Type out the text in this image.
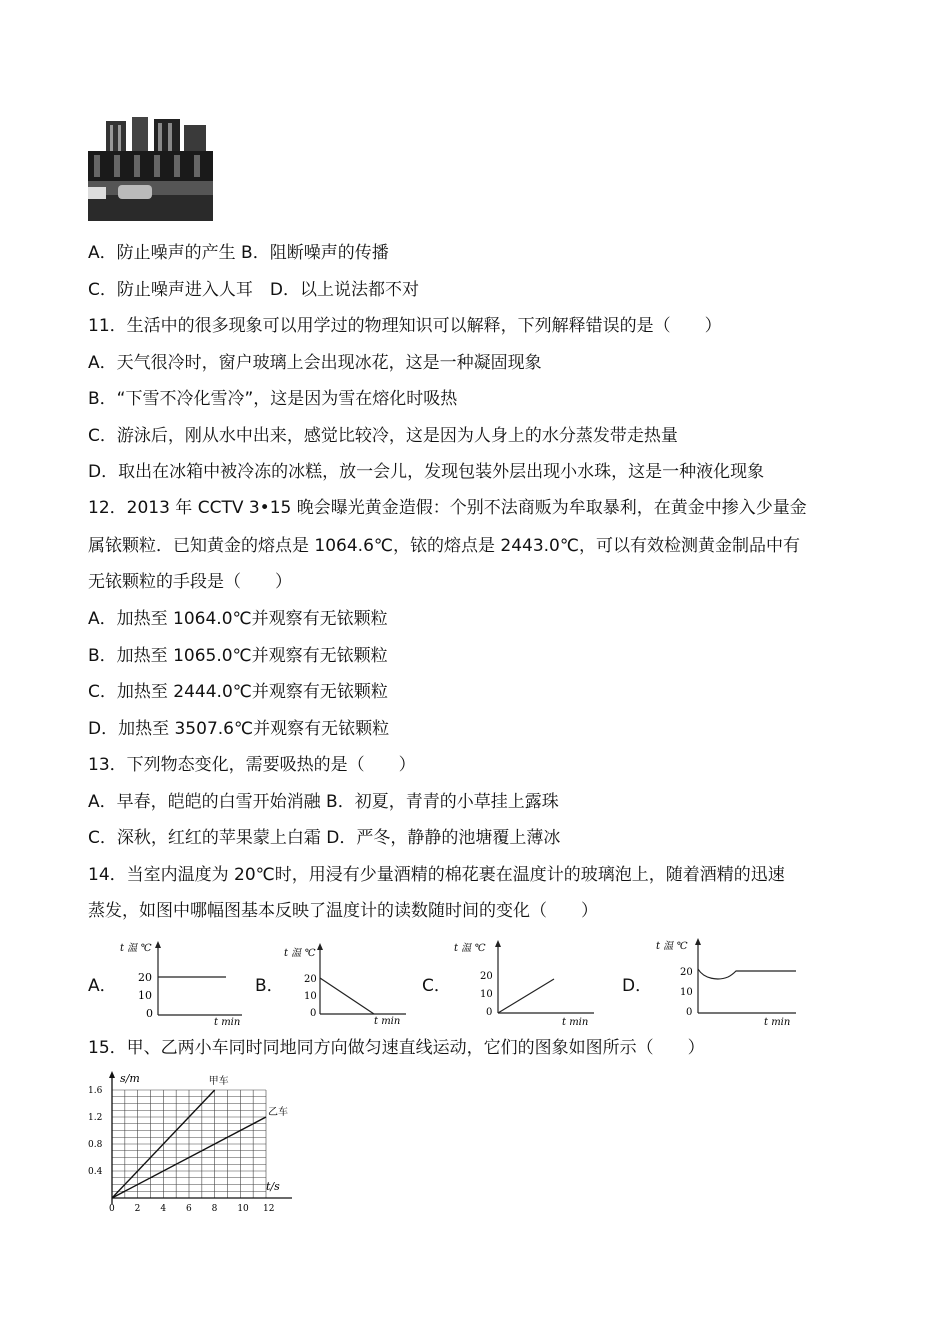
A．防止噪声的产生 B．阻断噪声的传播
C．防止噪声进入人耳　D．以上说法都不对
11．生活中的很多现象可以用学过的物理知识可以解释，下列解释错误的是（　　）
A．天气很冷时，窗户玻璃上会出现冰花，这是一种凝固现象
B．“下雪不冷化雪冷”，这是因为雪在熔化时吸热
C．游泳后，刚从水中出来，感觉比较冷，这是因为人身上的水分蒸发带走热量
D．取出在冰箱中被冷冻的冰糕，放一会儿，发现包装外层出现小水珠，这是一种液化现象
12．2013 年 CCTV 3•15 晚会曝光黄金造假：个别不法商贩为牟取暴利，在黄金中掺入少量金
属铱颗粒．已知黄金的熔点是 1064.6℃，铱的熔点是 2443.0℃，可以有效检测黄金制品中有
无铱颗粒的手段是（　　）
A．加热至 1064.0℃并观察有无铱颗粒
B．加热至 1065.0℃并观察有无铱颗粒
C．加热至 2444.0℃并观察有无铱颗粒
D．加热至 3507.6℃并观察有无铱颗粒
13．下列物态变化，需要吸热的是（　　）
A．早春，皑皑的白雪开始消融 B．初夏，青青的小草挂上露珠
C．深秋，红红的苹果蒙上白霜 D．严冬，静静的池塘覆上薄冰
14．当室内温度为 20℃时，用浸有少量酒精的棉花裹在温度计的玻璃泡上，随着酒精的迅速
蒸发，如图中哪幅图基本反映了温度计的读数随时间的变化（　　）
A．	B．	C．	D．
t 温 ℃
20
10
0
t min
t 温 ℃
20
10
0
t min
t 温 ℃
20
10
0
t min
t 温 ℃
20
10
0
t min
15．甲、乙两小车同时同地同方向做匀速直线运动，它们的图象如图所示（　　）
s/m
t/s
0 2 4 6 8 10 12
0.4
0.8
1.2
1.6
甲车
乙车
